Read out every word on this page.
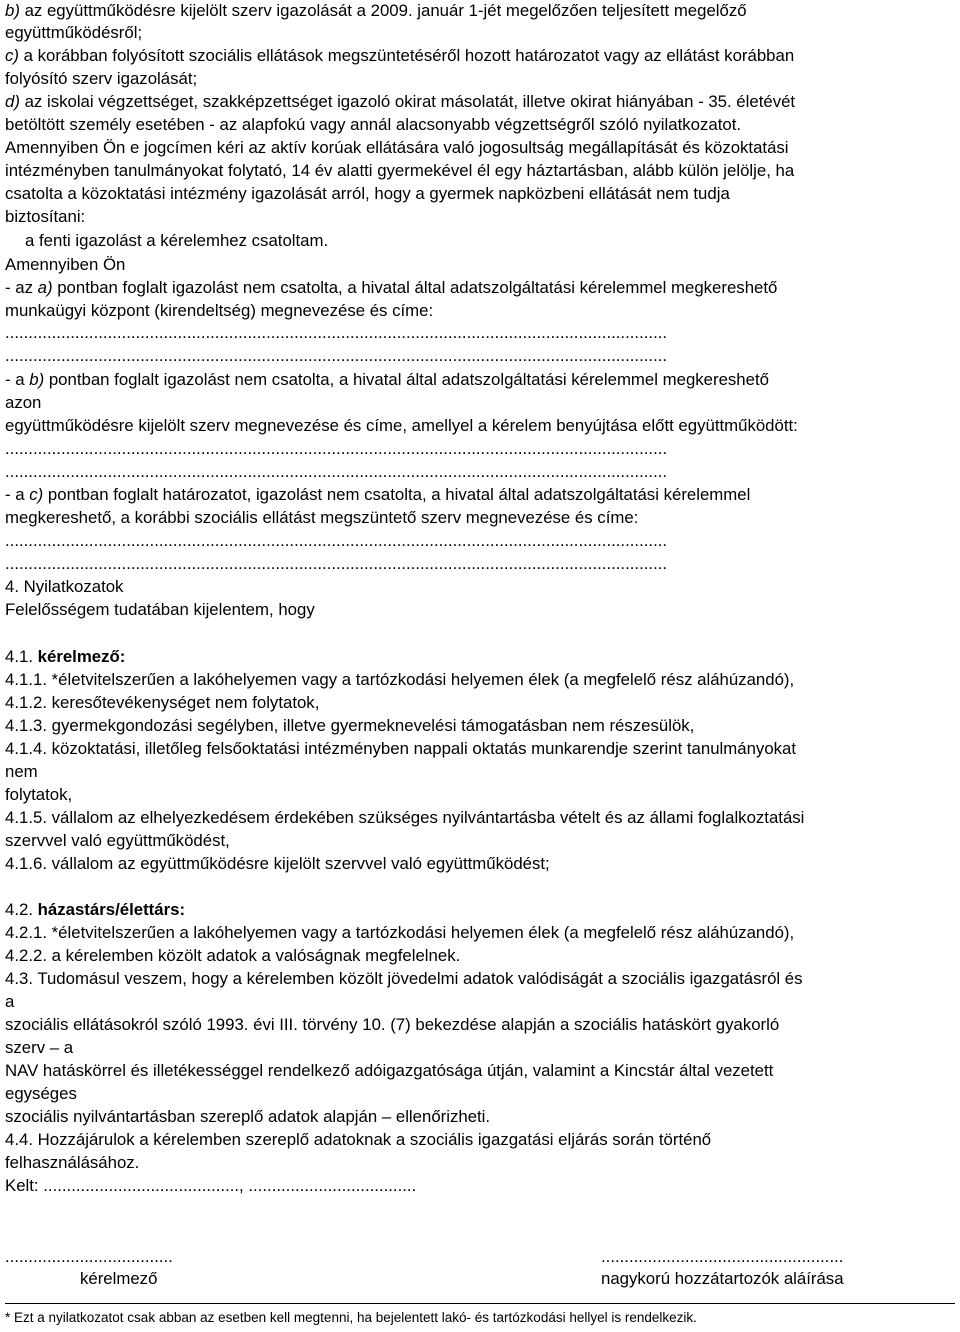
b) az együttműködésre kijelölt szerv igazolását a 2009. január 1-jét megelőzően teljesített megelőző
együttműködésről;
c) a korábban folyósított szociális ellátások megszüntetéséről hozott határozatot vagy az ellátást korábban
folyósító szerv igazolását;
d) az iskolai végzettséget, szakképzettséget igazoló okirat másolatát, illetve okirat hiányában - 35. életévét
betöltött személy esetében - az alapfokú vagy annál alacsonyabb végzettségről szóló nyilatkozatot.
Amennyiben Ön e jogcímen kéri az aktív korúak ellátására való jogosultság megállapítását és közoktatási
intézményben tanulmányokat folytató, 14 év alatti gyermekével él egy háztartásban, alább külön jelölje, ha
csatolta a közoktatási intézmény igazolását arról, hogy a gyermek napközbeni ellátását nem tudja
biztosítani:
a fenti igazolást a kérelemhez csatoltam.
Amennyiben Ön
- az a) pontban foglalt igazolást nem csatolta, a hivatal által adatszolgáltatási kérelemmel megkereshető
munkaügyi központ (kirendeltség) megnevezése és címe:
..............................................................................................................................................
..............................................................................................................................................
- a b) pontban foglalt igazolást nem csatolta, a hivatal által adatszolgáltatási kérelemmel megkereshető
azon
együttműködésre kijelölt szerv megnevezése és címe, amellyel a kérelem benyújtása előtt együttműködött:
..............................................................................................................................................
..............................................................................................................................................
- a c) pontban foglalt határozatot, igazolást nem csatolta, a hivatal által adatszolgáltatási kérelemmel
megkereshető, a korábbi szociális ellátást megszüntető szerv megnevezése és címe:
..............................................................................................................................................
..............................................................................................................................................
4. Nyilatkozatok
Felelősségem tudatában kijelentem, hogy
4.1. kérelmező:
4.1.1. *életvitelszerűen a lakóhelyemen vagy a tartózkodási helyemen élek (a megfelelő rész aláhúzandó),
4.1.2. keresőtevékenységet nem folytatok,
4.1.3. gyermekgondozási segélyben, illetve gyermeknevelési támogatásban nem részesülök,
4.1.4. közoktatási, illetőleg felsőoktatási intézményben nappali oktatás munkarendje szerint tanulmányokat
nem
folytatok,
4.1.5. vállalom az elhelyezkedésem érdekében szükséges nyilvántartásba vételt és az állami foglalkoztatási
szervvel való együttműködést,
4.1.6. vállalom az együttműködésre kijelölt szervvel való együttműködést;
4.2. házastárs/élettárs:
4.2.1. *életvitelszerűen a lakóhelyemen vagy a tartózkodási helyemen élek (a megfelelő rész aláhúzandó),
4.2.2. a kérelemben közölt adatok a valóságnak megfelelnek.
4.3. Tudomásul veszem, hogy a kérelemben közölt jövedelmi adatok valódiságát a szociális igazgatásról és
a
szociális ellátásokról szóló 1993. évi III. törvény 10. (7) bekezdése alapján a szociális hatáskört gyakorló
szerv – a
NAV hatáskörrel és illetékességgel rendelkező adóigazgatósága útján, valamint a Kincstár által vezetett
egységes
szociális nyilvántartásban szereplő adatok alapján – ellenőrizheti.
4.4. Hozzájárulok a kérelemben szereplő adatoknak a szociális igazgatási eljárás során történő
felhasználásához.
Kelt: .........................................., ....................................
....................................	....................................................
kérelmező	nagykorú hozzátartozók aláírása
* Ezt a nyilatkozatot csak abban az esetben kell megtenni, ha bejelentett lakó- és tartózkodási hellyel is rendelkezik.
